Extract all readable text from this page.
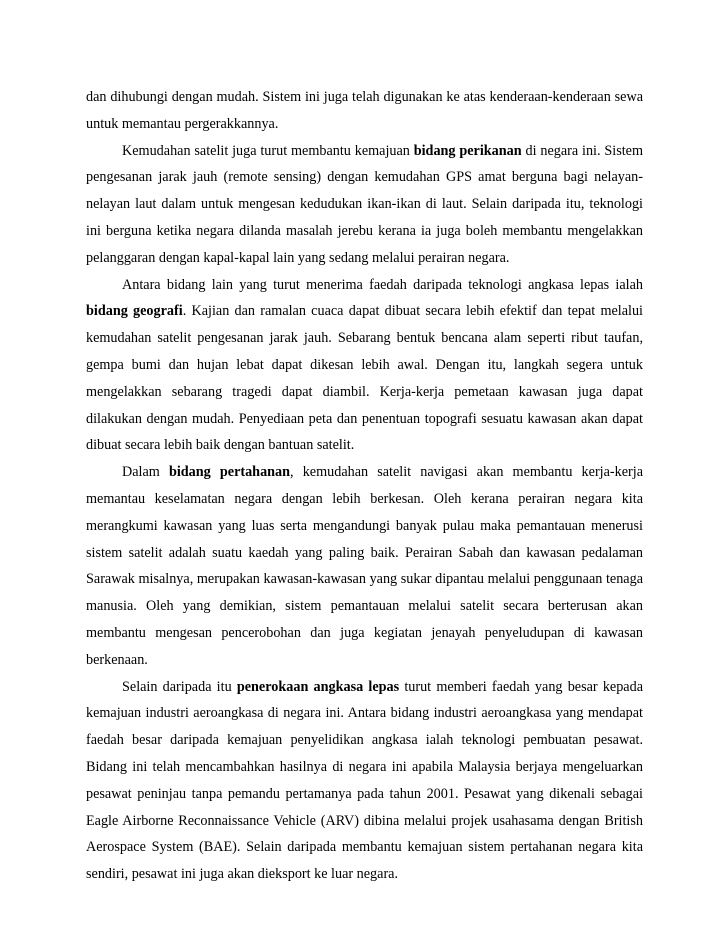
dan dihubungi dengan mudah. Sistem ini juga telah digunakan ke atas kenderaan-kenderaan sewa untuk memantau pergerakkannya.

Kemudahan satelit juga turut membantu kemajuan bidang perikanan di negara ini. Sistem pengesanan jarak jauh (remote sensing) dengan kemudahan GPS amat berguna bagi nelayan-nelayan laut dalam untuk mengesan kedudukan ikan-ikan di laut. Selain daripada itu, teknologi ini berguna ketika negara dilanda masalah jerebu kerana ia juga boleh membantu mengelakkan pelanggaran dengan kapal-kapal lain yang sedang melalui perairan negara.

Antara bidang lain yang turut menerima faedah daripada teknologi angkasa lepas ialah bidang geografi. Kajian dan ramalan cuaca dapat dibuat secara lebih efektif dan tepat melalui kemudahan satelit pengesanan jarak jauh. Sebarang bentuk bencana alam seperti ribut taufan, gempa bumi dan hujan lebat dapat dikesan lebih awal. Dengan itu, langkah segera untuk mengelakkan sebarang tragedi dapat diambil. Kerja-kerja pemetaan kawasan juga dapat dilakukan dengan mudah. Penyediaan peta dan penentuan topografi sesuatu kawasan akan dapat dibuat secara lebih baik dengan bantuan satelit.

Dalam bidang pertahanan, kemudahan satelit navigasi akan membantu kerja-kerja memantau keselamatan negara dengan lebih berkesan. Oleh kerana perairan negara kita merangkumi kawasan yang luas serta mengandungi banyak pulau maka pemantauan menerusi sistem satelit adalah suatu kaedah yang paling baik. Perairan Sabah dan kawasan pedalaman Sarawak misalnya, merupakan kawasan-kawasan yang sukar dipantau melalui penggunaan tenaga manusia. Oleh yang demikian, sistem pemantauan melalui satelit secara berterusan akan membantu mengesan pencerobohan dan juga kegiatan jenayah penyeludupan di kawasan berkenaan.

Selain daripada itu penerokaan angkasa lepas turut memberi faedah yang besar kepada kemajuan industri aeroangkasa di negara ini. Antara bidang industri aeroangkasa yang mendapat faedah besar daripada kemajuan penyelidikan angkasa ialah teknologi pembuatan pesawat. Bidang ini telah mencambahkan hasilnya di negara ini apabila Malaysia berjaya mengeluarkan pesawat peninjau tanpa pemandu pertamanya pada tahun 2001. Pesawat yang dikenali sebagai Eagle Airborne Reconnaissance Vehicle (ARV) dibina melalui projek usahasama dengan British Aerospace System (BAE). Selain daripada membantu kemajuan sistem pertahanan negara kita sendiri, pesawat ini juga akan dieksport ke luar negara.
